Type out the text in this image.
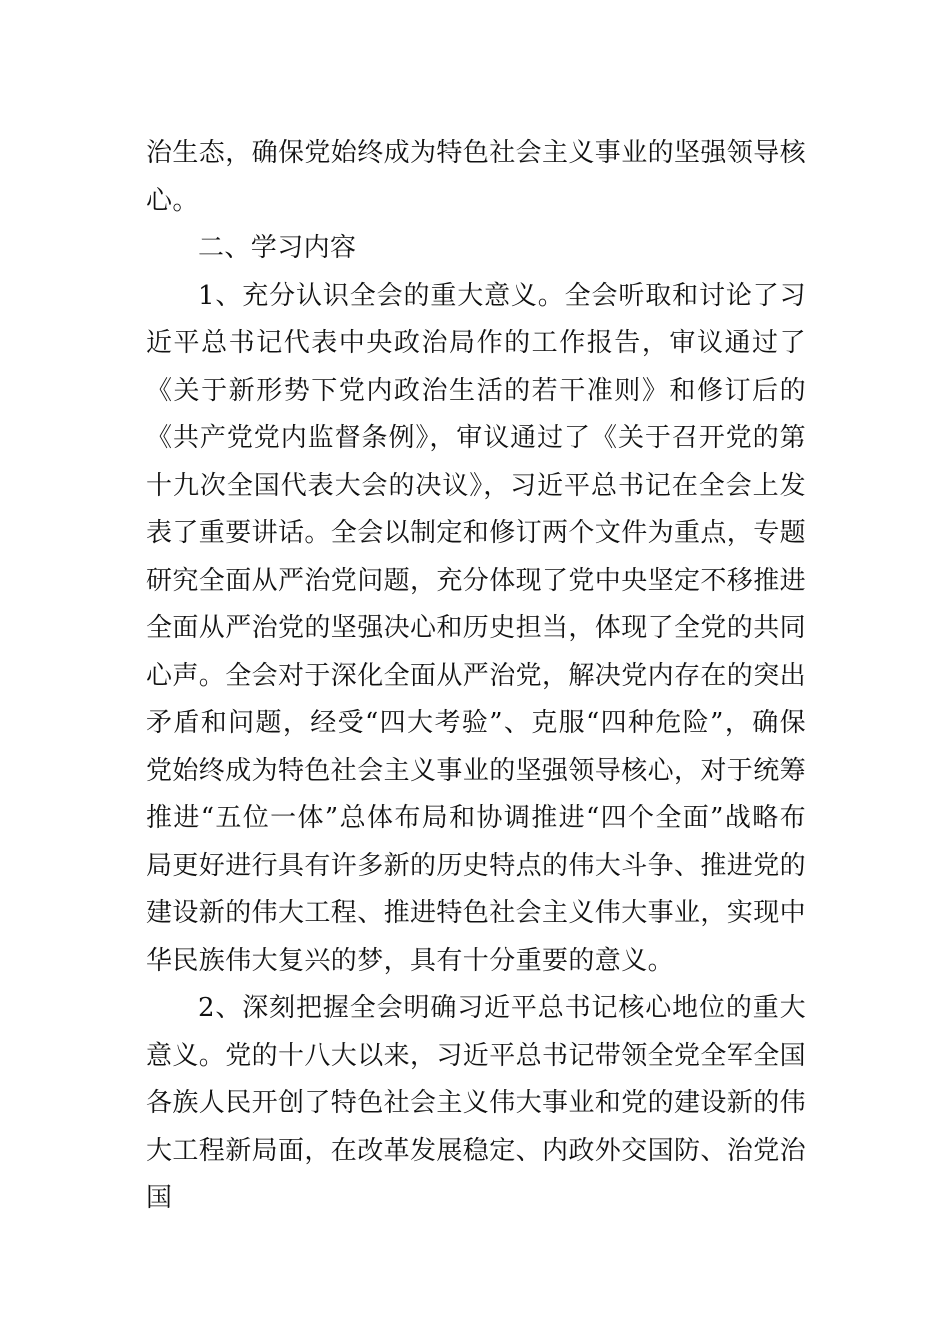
治生态，确保党始终成为特色社会主义事业的坚强领导核心。

二、学习内容

1、充分认识全会的重大意义。全会听取和讨论了习近平总书记代表中央政治局作的工作报告，审议通过了《关于新形势下党内政治生活的若干准则》和修订后的《共产党党内监督条例》，审议通过了《关于召开党的第十九次全国代表大会的决议》，习近平总书记在全会上发表了重要讲话。全会以制定和修订两个文件为重点，专题研究全面从严治党问题，充分体现了党中央坚定不移推进全面从严治党的坚强决心和历史担当，体现了全党的共同心声。全会对于深化全面从严治党，解决党内存在的突出矛盾和问题，经受“四大考验”、克服“四种危险”，确保党始终成为特色社会主义事业的坚强领导核心，对于统筹推进“五位一体”总体布局和协调推进“四个全面”战略布局更好进行具有许多新的历史特点的伟大斗争、推进党的建设新的伟大工程、推进特色社会主义伟大事业，实现中华民族伟大复兴的梦，具有十分重要的意义。

2、深刻把握全会明确习近平总书记核心地位的重大意义。党的十八大以来，习近平总书记带领全党全军全国各族人民开创了特色社会主义伟大事业和党的建设新的伟大工程新局面，在改革发展稳定、内政外交国防、治党治国
